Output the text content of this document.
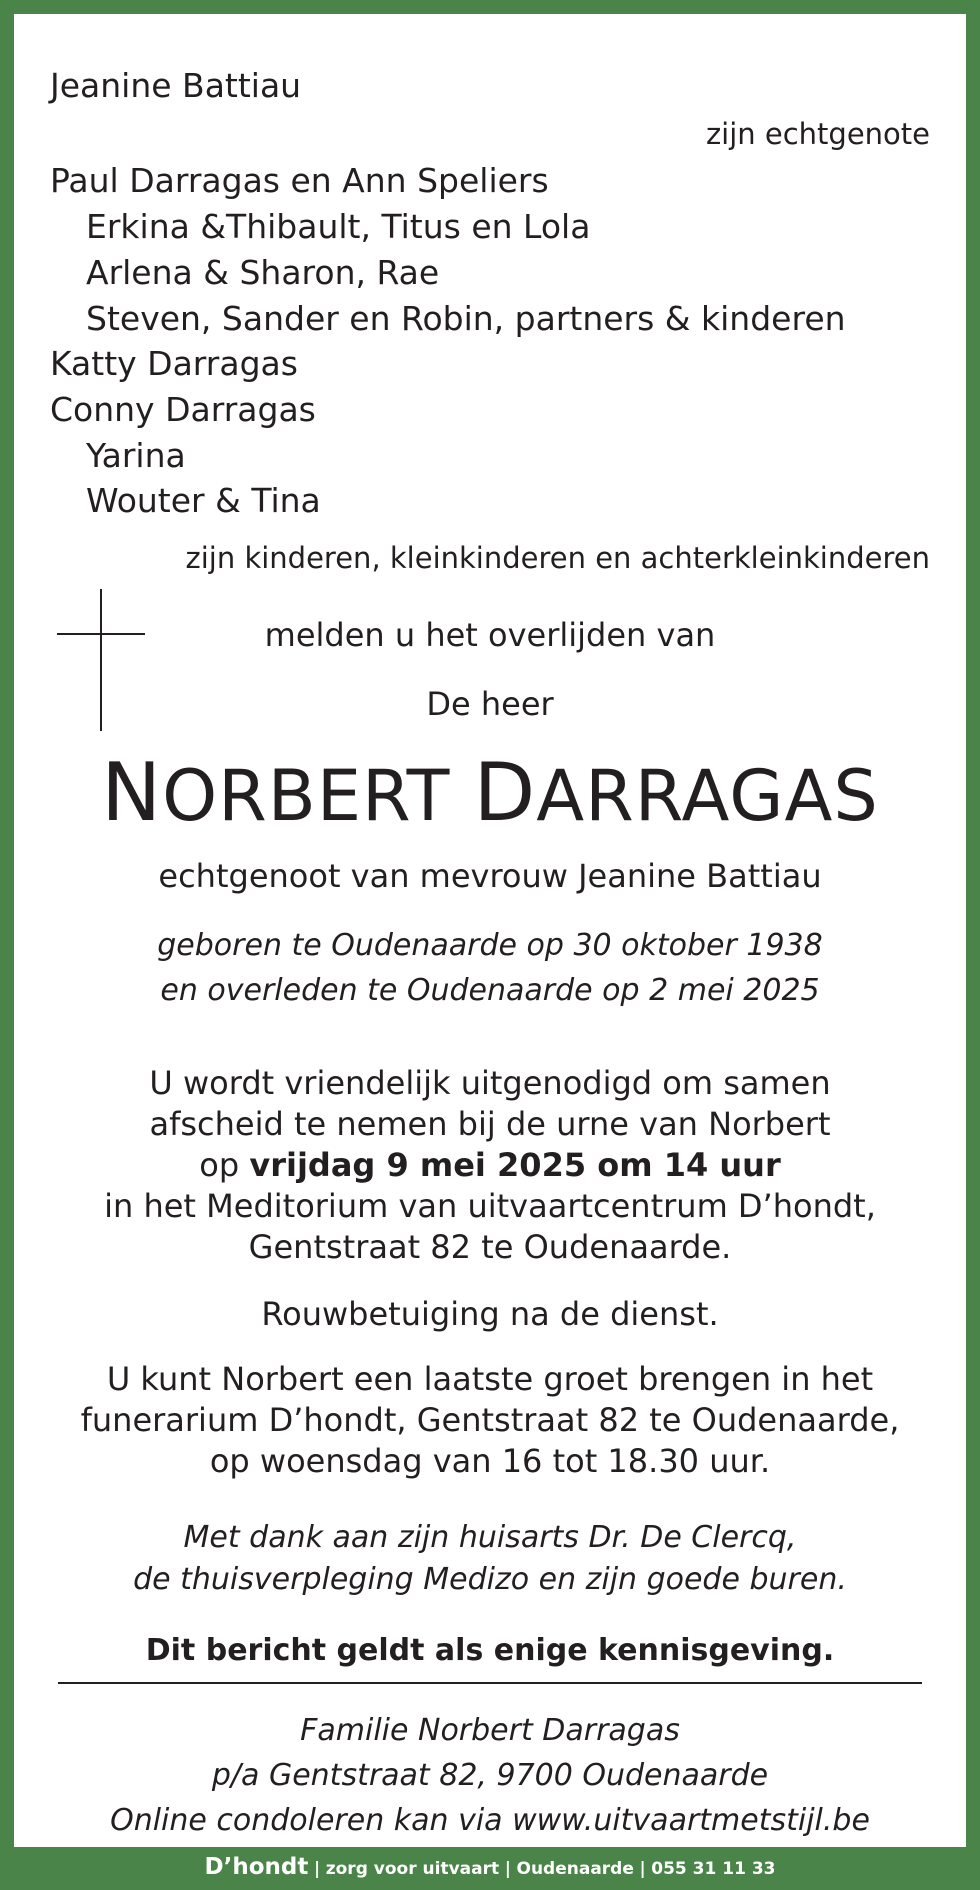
Jeanine Battiau
zijn echtgenote
Paul Darragas en Ann Speliers
Erkina &Thibault, Titus en Lola
Arlena & Sharon, Rae
Steven, Sander en Robin, partners & kinderen
Katty Darragas
Conny Darragas
Yarina
Wouter & Tina
zijn kinderen, kleinkinderen en achterkleinkinderen
melden u het overlijden van
De heer
NORBERT DARRAGAS
echtgenoot van mevrouw Jeanine Battiau
geboren te Oudenaarde op 30 oktober 1938
en overleden te Oudenaarde op 2 mei 2025
U wordt vriendelijk uitgenodigd om samen
afscheid te nemen bij de urne van Norbert
op vrijdag 9 mei 2025 om 14 uur
in het Meditorium van uitvaartcentrum D’hondt,
Gentstraat 82 te Oudenaarde.
Rouwbetuiging na de dienst.
U kunt Norbert een laatste groet brengen in het
funerarium D’hondt, Gentstraat 82 te Oudenaarde,
op woensdag van 16 tot 18.30 uur.
Met dank aan zijn huisarts Dr. De Clercq,
de thuisverpleging Medizo en zijn goede buren.
Dit bericht geldt als enige kennisgeving.
Familie Norbert Darragas
p/a Gentstraat 82, 9700 Oudenaarde
Online condoleren kan via www.uitvaartmetstijl.be
D’hondt | zorg voor uitvaart | Oudenaarde | 055 31 11 33
